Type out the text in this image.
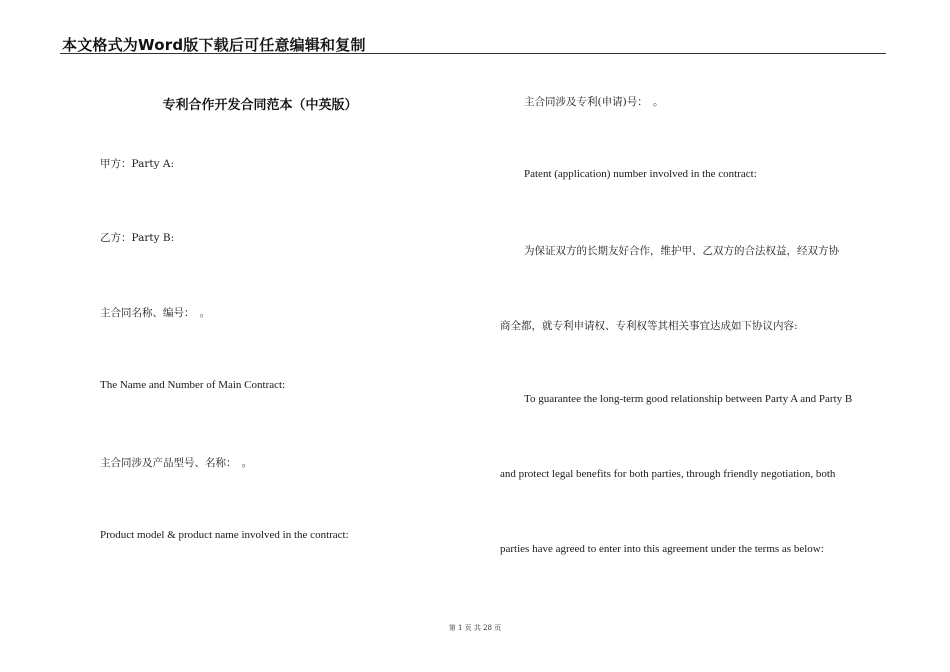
本文格式为Word版下载后可任意编辑和复制
专利合作开发合同范本（中英版）
甲方：Party A:
乙方：Party B:
主合同名称、编号：　。
The Name and Number of Main Contract:
主合同涉及产品型号、名称：　。
Product model & product name involved in the contract:
主合同涉及专利(申请)号：　。
Patent (application) number involved in the contract:
为保证双方的长期友好合作，维护甲、乙双方的合法权益，经双方协
商全都，就专利申请权、专利权等其相关事宜达成如下协议内容:
To guarantee the long-term good relationship between Party A and Party B
and protect legal benefits for both parties, through friendly negotiation, both
parties have agreed to enter into this agreement under the terms as below:
第 1 页 共 28 页
